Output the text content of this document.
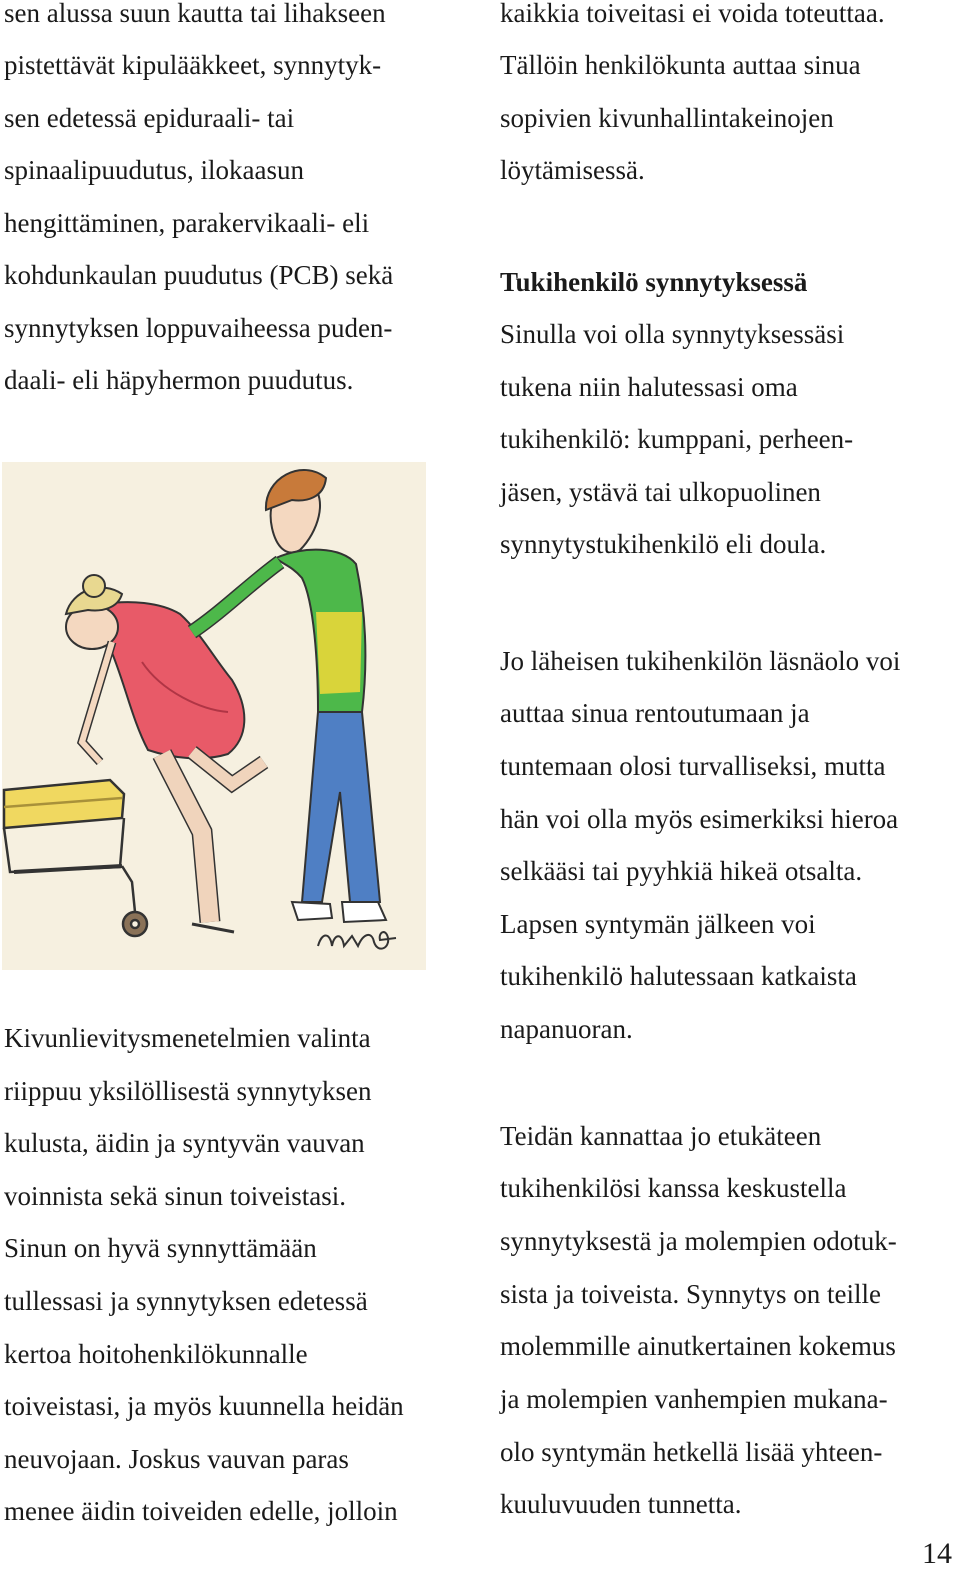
sen alussa suun kautta tai lihakseen

pistettävät kipulääkkeet, synnytyk-

sen edetessä epiduraali- tai

spinaalipuudutus, ilokaasun

hengittäminen, parakervikaali- eli

kohdunkaulan puudutus (PCB) sekä

synnytyksen loppuvaiheessa puden-

daali- eli häpyhermon puudutus.

Kivunlievitysmenetelmien valinta

riippuu yksilöllisestä synnytyksen

kulusta, äidin ja syntyvän vauvan

voinnista sekä sinun toiveistasi.

Sinun on hyvä synnyttämään

tullessasi ja synnytyksen edetessä

kertoa hoitohenkilökunnalle

toiveistasi, ja myös kuunnella heidän

neuvojaan. Joskus vauvan paras

menee äidin toiveiden edelle, jolloin

kaikkia toiveitasi ei voida toteuttaa.

Tällöin henkilökunta auttaa sinua

sopivien kivunhallintakeinojen

löytämisessä.

Tukihenkilö synnytyksessä

Sinulla voi olla synnytyksessäsi

tukena niin halutessasi oma

tukihenkilö: kumppani, perheen-

jäsen, ystävä tai ulkopuolinen

synnytystukihenkilö eli doula.

Jo läheisen tukihenkilön läsnäolo voi

auttaa sinua rentoutumaan ja

tuntemaan olosi turvalliseksi, mutta

hän voi olla myös esimerkiksi hieroa

selkääsi tai pyyhkiä hikeä otsalta.

Lapsen syntymän jälkeen voi

tukihenkilö halutessaan katkaista

napanuoran.

Teidän kannattaa jo etukäteen

tukihenkilösi kanssa keskustella

synnytyksestä ja molempien odotuk-

sista ja toiveista. Synnytys on teille

molemmille ainutkertainen kokemus

ja molempien vanhempien mukana-

olo syntymän hetkellä lisää yhteen-

kuuluvuuden tunnetta.

14
